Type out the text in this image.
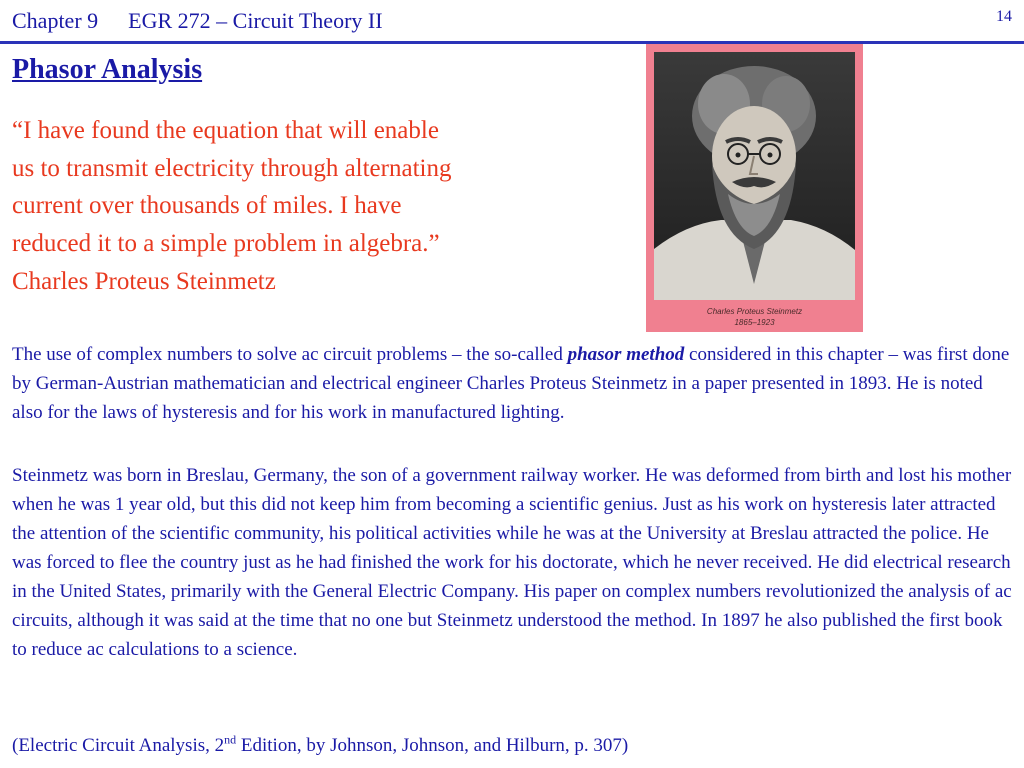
Chapter 9 EGR 272 – Circuit Theory II	14
Phasor Analysis
“I have found the equation that will enable
us to transmit electricity through alternating
current over thousands of miles. I have
reduced it to a simple problem in algebra.”
Charles Proteus Steinmetz
Charles Proteus Steinmetz
1865–1923
The use of complex numbers to solve ac circuit problems – the so-called phasor method considered in this chapter – was first done by German-Austrian mathematician and electrical engineer Charles Proteus Steinmetz in a paper presented in 1893. He is noted also for the laws of hysteresis and for his work in manufactured lighting.
Steinmetz was born in Breslau, Germany, the son of a government railway worker. He was deformed from birth and lost his mother when he was 1 year old, but this did not keep him from becoming a scientific genius. Just as his work on hysteresis later attracted the attention of the scientific community, his political activities while he was at the University at Breslau attracted the police. He was forced to flee the country just as he had finished the work for his doctorate, which he never received. He did electrical research in the United States, primarily with the General Electric Company. His paper on complex numbers revolutionized the analysis of ac circuits, although it was said at the time that no one but Steinmetz understood the method. In 1897 he also published the first book to reduce ac calculations to a science.
(Electric Circuit Analysis, 2nd Edition, by Johnson, Johnson, and Hilburn, p. 307)
